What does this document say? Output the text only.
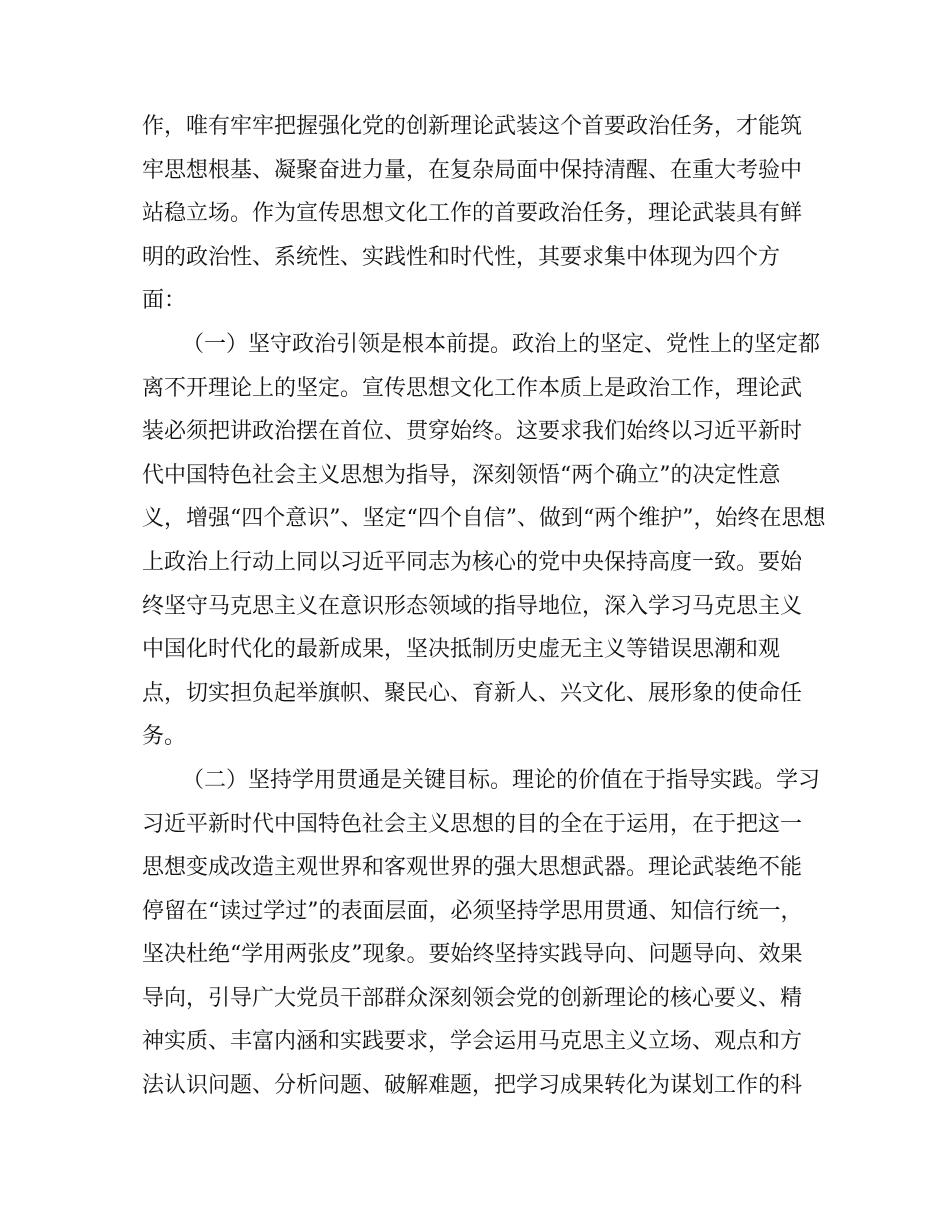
作，唯有牢牢把握强化党的创新理论武装这个首要政治任务，才能筑
牢思想根基、凝聚奋进力量，在复杂局面中保持清醒、在重大考验中
站稳立场。作为宣传思想文化工作的首要政治任务，理论武装具有鲜
明的政治性、系统性、实践性和时代性，其要求集中体现为四个方
面：
（一）坚守政治引领是根本前提。政治上的坚定、党性上的坚定都
离不开理论上的坚定。宣传思想文化工作本质上是政治工作，理论武
装必须把讲政治摆在首位、贯穿始终。这要求我们始终以习近平新时
代中国特色社会主义思想为指导，深刻领悟“两个确立”的决定性意
义，增强“四个意识”、坚定“四个自信”、做到“两个维护”，始终在思想
上政治上行动上同以习近平同志为核心的党中央保持高度一致。要始
终坚守马克思主义在意识形态领域的指导地位，深入学习马克思主义
中国化时代化的最新成果，坚决抵制历史虚无主义等错误思潮和观
点，切实担负起举旗帜、聚民心、育新人、兴文化、展形象的使命任
务。
（二）坚持学用贯通是关键目标。理论的价值在于指导实践。学习
习近平新时代中国特色社会主义思想的目的全在于运用，在于把这一
思想变成改造主观世界和客观世界的强大思想武器。理论武装绝不能
停留在“读过学过”的表面层面，必须坚持学思用贯通、知信行统一，
坚决杜绝“学用两张皮”现象。要始终坚持实践导向、问题导向、效果
导向，引导广大党员干部群众深刻领会党的创新理论的核心要义、精
神实质、丰富内涵和实践要求，学会运用马克思主义立场、观点和方
法认识问题、分析问题、破解难题，把学习成果转化为谋划工作的科
